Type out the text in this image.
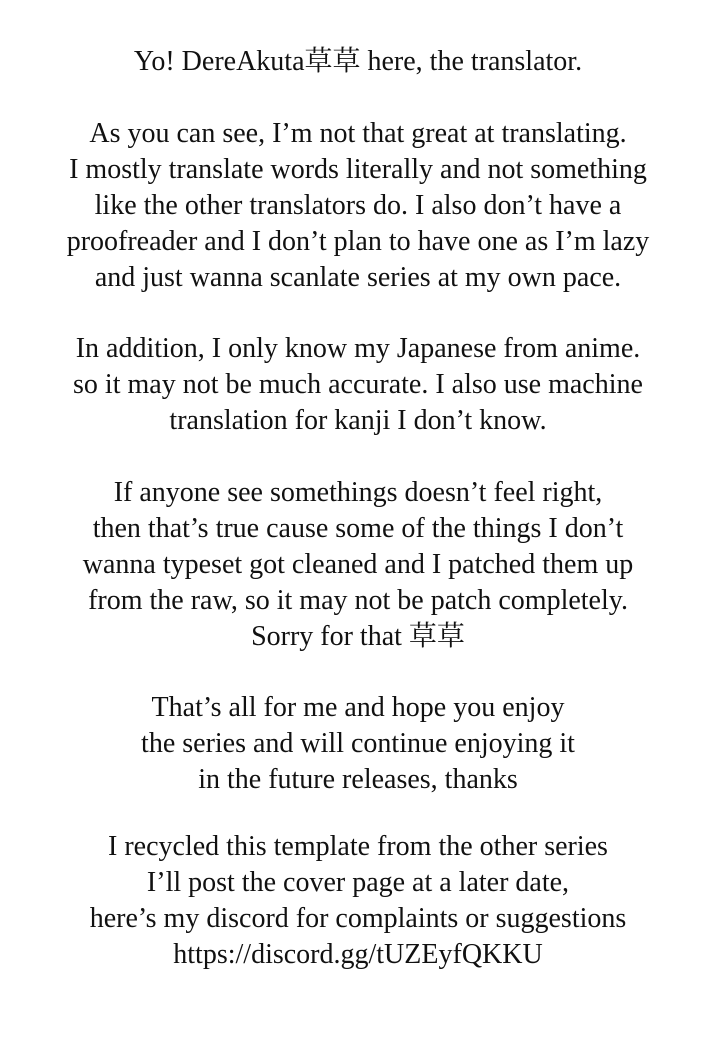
Yo! DereAkuta草草 here, the translator.
As you can see, I’m not that great at translating.
I mostly translate words literally and not something
like the other translators do. I also don’t have a
proofreader and I don’t plan to have one as I’m lazy
and just wanna scanlate series at my own pace.
In addition, I only know my Japanese from anime.
so it may not be much accurate. I also use machine
translation for kanji I don’t know.
If anyone see somethings doesn’t feel right,
then that’s true cause some of the things I don’t
wanna typeset got cleaned and I patched them up
from the raw, so it may not be patch completely.
Sorry for that 草草
That’s all for me and hope you enjoy
the series and will continue enjoying it
in the future releases, thanks
I recycled this template from the other series
I’ll post the cover page at a later date,
here’s my discord for complaints or suggestions
https://discord.gg/tUZEyfQKKU
